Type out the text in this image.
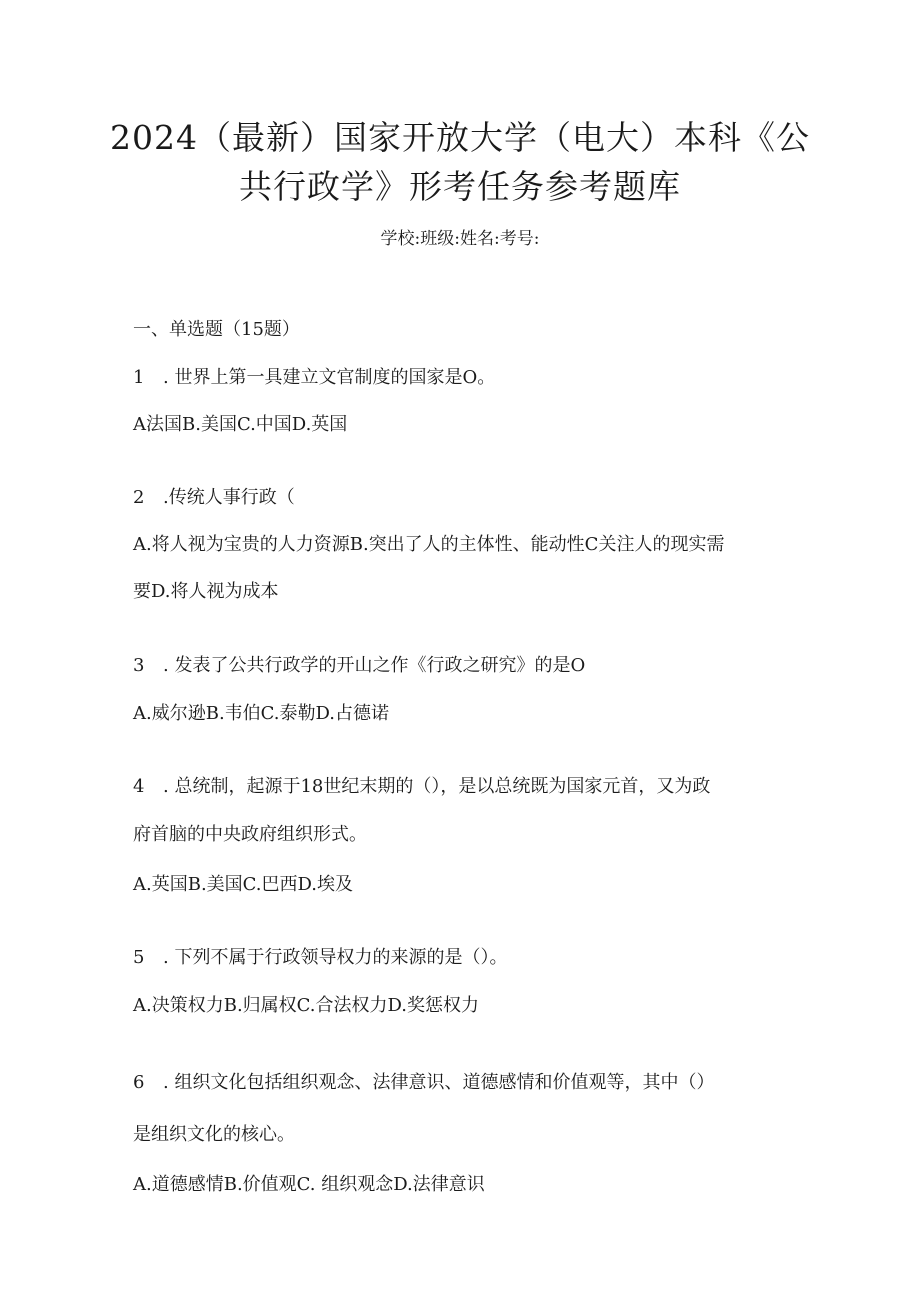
2024（最新）国家开放大学（电大）本科《公
共行政学》形考任务参考题库
学校:班级:姓名:考号:
一、单选题（15题）
1 . 世界上第一具建立文官制度的国家是O。
A法国B.美国C.中国D.英国
2 .传统人事行政（
A.将人视为宝贵的人力资源B.突出了人的主体性、能动性C关注人的现实需
要D.将人视为成本
3 . 发表了公共行政学的开山之作《行政之研究》的是O
A.威尔逊B.韦伯C.泰勒D.占德诺
4 . 总统制，起源于18世纪末期的（），是以总统既为国家元首，又为政
府首脑的中央政府组织形式。
A.英国B.美国C.巴西D.埃及
5 . 下列不属于行政领导权力的来源的是（）。
A.决策权力B.归属权C.合法权力D.奖惩权力
6 . 组织文化包括组织观念、法律意识、道德感情和价值观等，其中（）
是组织文化的核心。
A.道德感情B.价值观C. 组织观念D.法律意识
